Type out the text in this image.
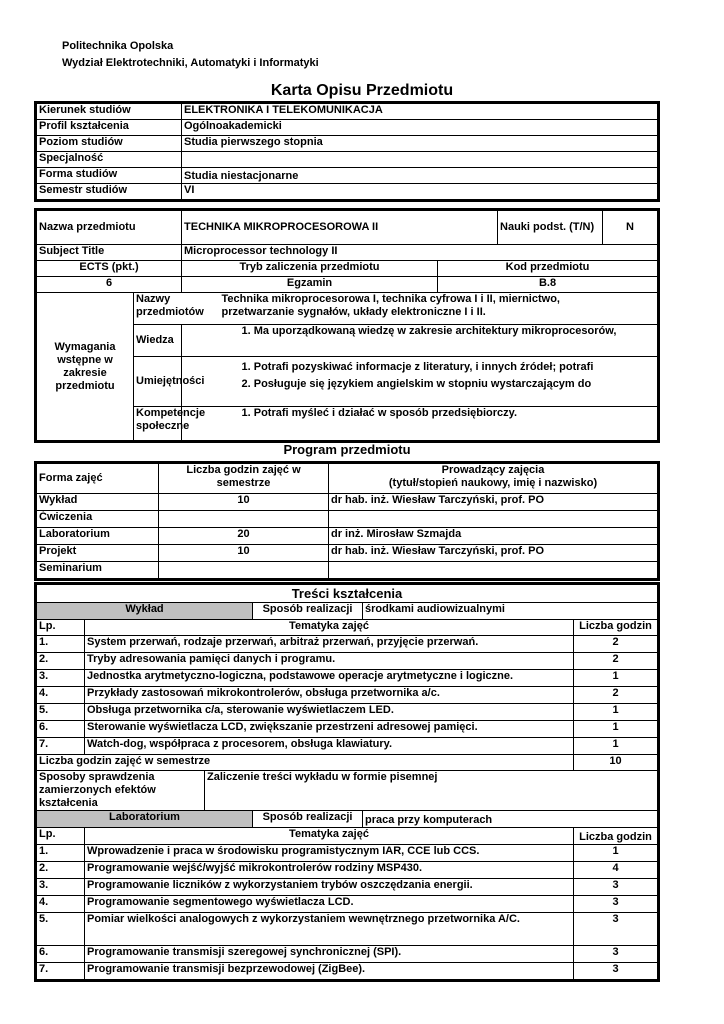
Politechnika Opolska
Wydział Elektrotechniki, Automatyki i Informatyki
Karta Opisu Przedmiotu
Kierunek studiów	ELEKTRONIKA I TELEKOMUNIKACJA
Profil kształcenia	Ogólnoakademicki
Poziom studiów	Studia pierwszego stopnia
Specjalność	
Forma studiów	Studia niestacjonarne
Semestr studiów	VI
Nazwa przedmiotu		TECHNIKA MIKROPROCESOROWA II			Nauki podst. (T/N)	N
Subject Title		Microprocessor technology II				
ECTS (pkt.)		Tryb zaliczenia przedmiotu		Kod przedmiotu		
6		Egzamin		B.8		
Wymagania wstępne w zakresie przedmiotu	Nazwy przedmiotów	Technika mikroprocesorowa I, technika cyfrowa I i II, miernictwo,
przetwarzanie sygnałów, układy elektroniczne I i II.				

	Wiedza		1. Ma uporządkowaną wiedzę w zakresie architektury mikroprocesorów,			
	Umiejętności		1. Potrafi pozyskiwać informacje z literatury, i innych źródeł; potrafi
2. Posługuje się językiem angielskim w stopniu wystarczającym do			

	Kompetencje społeczne		1. Potrafi myśleć i działać w sposób przedsiębiorczy.			
Program przedmiotu
Forma zajęć	Liczba godzin zajęć w semestrze	Prowadzący zajęcia
(tytuł/stopień naukowy, imię i nazwisko)

Wykład	10	dr hab. inż. Wiesław Tarczyński, prof. PO
Ćwiczenia		
Laboratorium	20	dr inż. Mirosław Szmajda
Projekt	10	dr hab. inż. Wiesław Tarczyński, prof. PO
Seminarium		
Treści kształcenia					
Wykład			Sposób realizacji	środkami audiowizualnymi	
Lp.	Tematyka zajęć				Liczba godzin
1.	System przerwań, rodzaje przerwań, arbitraż przerwań, przyjęcie przerwań.				2
2.	Tryby adresowania pamięci danych i programu.				2
3.	Jednostka arytmetyczno-logiczna, podstawowe operacje arytmetyczne i logiczne.				1
4.	Przykłady zastosowań mikrokontrolerów, obsługa przetwornika a/c.				2
5.	Obsługa przetwornika c/a, sterowanie wyświetlaczem LED.				1
6.	Sterowanie wyświetlacza LCD, zwiększanie przestrzeni adresowej pamięci.				1
7.	Watch-dog, współpraca z procesorem, obsługa klawiatury.				1
Liczba godzin zajęć w semestrze					10
Sposoby sprawdzenia zamierzonych efektów kształcenia		Zaliczenie treści wykładu w formie pisemnej			
Laboratorium			Sposób realizacji	praca przy komputerach	
Lp.	Tematyka zajęć				Liczba godzin
1.	Wprowadzenie i praca w środowisku programistycznym IAR, CCE lub CCS.				1
2.	Programowanie wejść/wyjść mikrokontrolerów rodziny MSP430.				4
3.	Programowanie liczników z wykorzystaniem trybów oszczędzania energii.				3
4.	Programowanie segmentowego wyświetlacza LCD.				3
5.	Pomiar wielkości analogowych z wykorzystaniem wewnętrznego przetwornika A/C.				3
6.	Programowanie transmisji szeregowej synchronicznej (SPI).				3
7.	Programowanie transmisji bezprzewodowej (ZigBee).				3
